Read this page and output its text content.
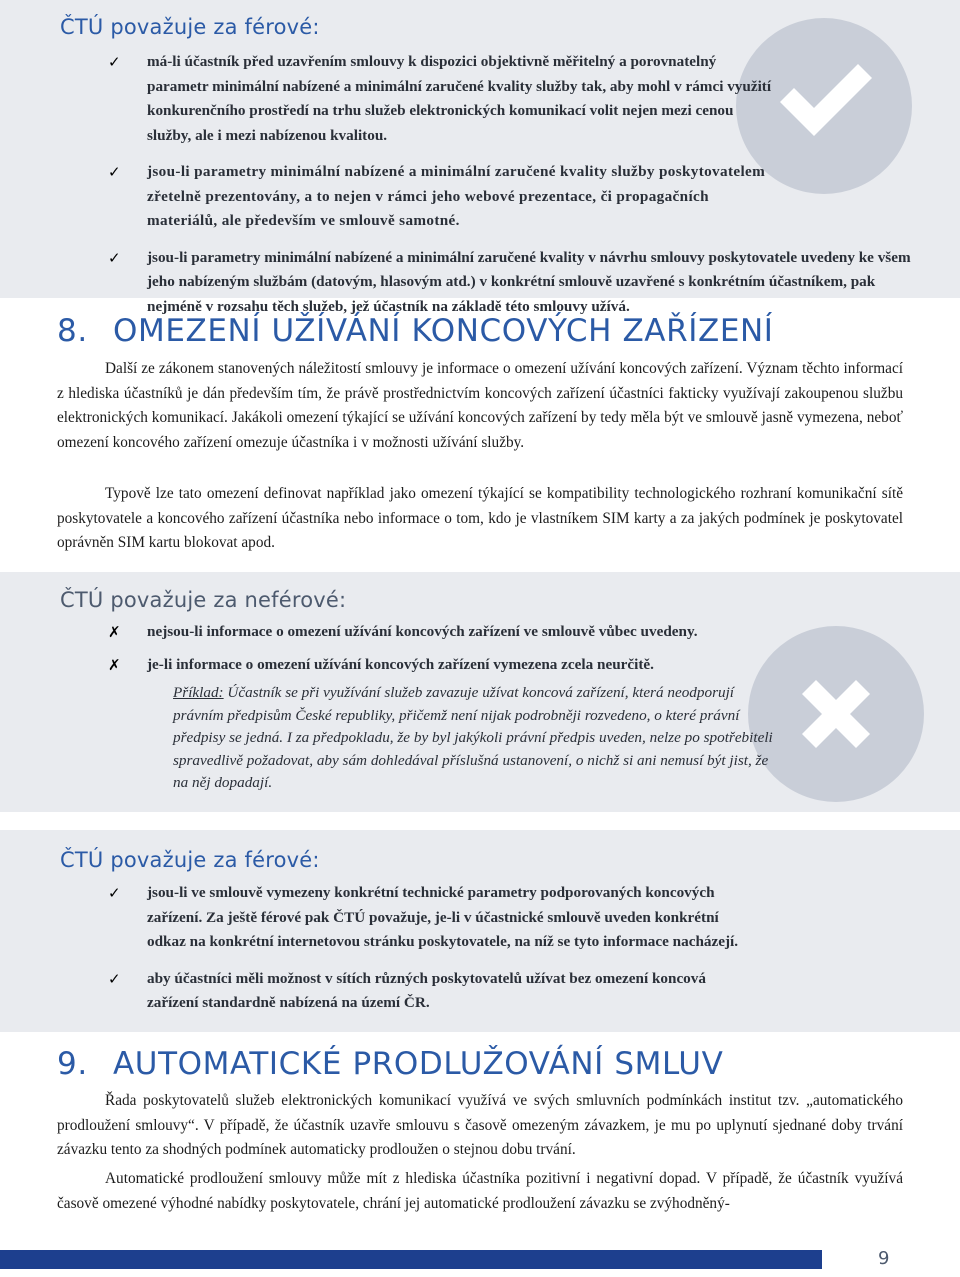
ČTÚ považuje za férové:
✓ má-li účastník před uzavřením smlouvy k dispozici objektivně měřitelný a porovnatelný parametr minimální nabízené a minimální zaručené kvality služby tak, aby mohl v rámci využití konkurenčního prostředí na trhu služeb elektronických komunikací volit nejen mezi cenou služby, ale i mezi nabízenou kvalitou.
✓ jsou-li parametry minimální nabízené a minimální zaručené kvality služby poskytovatelem zřetelně prezentovány, a to nejen v rámci jeho webové prezentace, či propagačních materiálů, ale především ve smlouvě samotné.
✓ jsou-li parametry minimální nabízené a minimální zaručené kvality v návrhu smlouvy poskytovatele uvedeny ke všem jeho nabízeným službám (datovým, hlasovým atd.) v konkrétní smlouvě uzavřené s konkrétním účastníkem, pak nejméně v rozsahu těch služeb, jež účastník na základě této smlouvy užívá.
8. OMEZENÍ UŽÍVÁNÍ KONCOVÝCH ZAŘÍZENÍ

Další ze zákonem stanovených náležitostí smlouvy je informace o omezení užívání koncových zařízení. Význam těchto informací z hlediska účastníků je dán především tím, že právě prostřednictvím koncových zařízení účastníci fakticky využívají zakoupenou službu elektronických komunikací. Jakákoli omezení týkající se užívání koncových zařízení by tedy měla být ve smlouvě jasně vymezena, neboť omezení koncového zařízení omezuje účastníka i v možnosti užívání služby.

Typově lze tato omezení definovat například jako omezení týkající se kompatibility technologického rozhraní komunikační sítě poskytovatele a koncového zařízení účastníka nebo informace o tom, kdo je vlastníkem SIM karty a za jakých podmínek je poskytovatel oprávněn SIM kartu blokovat apod.

ČTÚ považuje za neférové:
✗ nejsou-li informace o omezení užívání koncových zařízení ve smlouvě vůbec uvedeny.
✗ je-li informace o omezení užívání koncových zařízení vymezena zcela neurčitě.
Příklad: Účastník se při využívání služeb zavazuje užívat koncová zařízení, která neodporují právním předpisům České republiky, přičemž není nijak podrobněji rozvedeno, o které právní předpisy se jedná. I za předpokladu, že by byl jakýkoli právní předpis uveden, nelze po spotřebiteli spravedlivě požadovat, aby sám dohledával příslušná ustanovení, o nichž si ani nemusí být jist, že na něj dopadají.
ČTÚ považuje za férové:
✓ jsou-li ve smlouvě vymezeny konkrétní technické parametry podporovaných koncových zařízení. Za ještě férové pak ČTÚ považuje, je-li v účastnické smlouvě uveden konkrétní odkaz na konkrétní internetovou stránku poskytovatele, na níž se tyto informace nacházejí.
✓ aby účastníci měli možnost v sítích různých poskytovatelů užívat bez omezení koncová zařízení standardně nabízená na území ČR.
9. AUTOMATICKÉ PRODLUŽOVÁNÍ SMLUV

Řada poskytovatelů služeb elektronických komunikací využívá ve svých smluvních podmínkách institut tzv. „automatického prodloužení smlouvy“. V případě, že účastník uzavře smlouvu s časově omezeným závazkem, je mu po uplynutí sjednané doby trvání závazku tento za shodných podmínek automaticky prodloužen o stejnou dobu trvání.

Automatické prodloužení smlouvy může mít z hlediska účastníka pozitivní i negativní dopad. V případě, že účastník využívá časově omezené výhodné nabídky poskytovatele, chrání jej automatické prodloužení závazku se zvýhodněný-

9
